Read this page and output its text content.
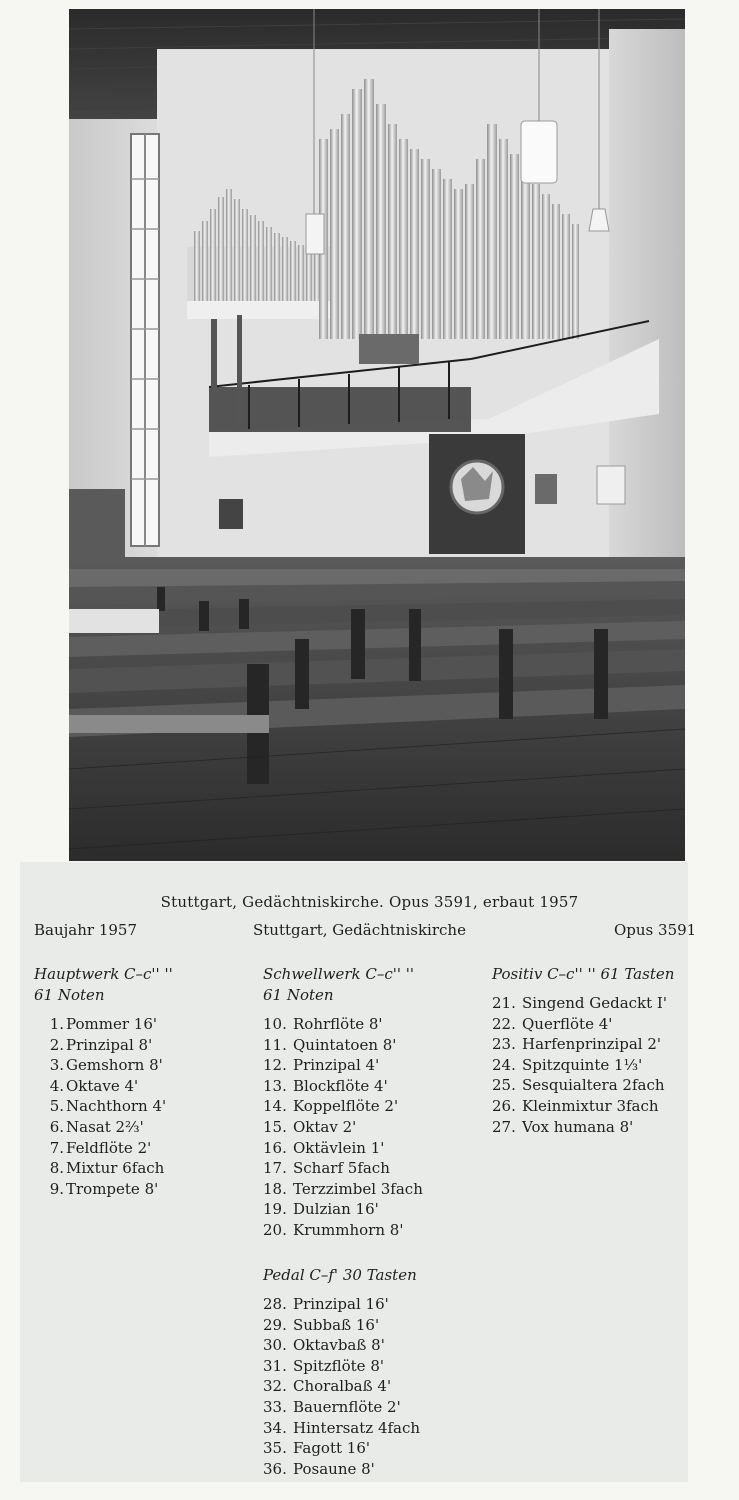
Stuttgart, Gedächtniskirche. Opus 3591, erbaut 1957
Baujahr 1957	Stuttgart, Gedächtniskirche	Opus 3591
Hauptwerk C–c'' ''
61 Noten
1. Pommer 16'
2. Prinzipal 8'
3. Gemshorn 8'
4. Oktave 4'
5. Nachthorn 4'
6. Nasat 2⅔'
7. Feldflöte 2'
8. Mixtur 6fach
9. Trompete 8'
Schwellwerk C–c'' ''
61 Noten
10. Rohrflöte 8'
11. Quintatoen 8'
12. Prinzipal 4'
13. Blockflöte 4'
14. Koppelflöte 2'
15. Oktav 2'
16. Oktävlein 1'
17. Scharf 5fach
18. Terzzimbel 3fach
19. Dulzian 16'
20. Krummhorn 8'
Positiv C–c'' '' 61 Tasten
21. Singend Gedackt I'
22. Querflöte 4'
23. Harfenprinzipal 2'
24. Spitzquinte 1⅓'
25. Sesquialtera 2fach
26. Kleinmixtur 3fach
27. Vox humana 8'
Pedal C–f' 30 Tasten
28. Prinzipal 16'
29. Subbaß 16'
30. Oktavbaß 8'
31. Spitzflöte 8'
32. Choralbaß 4'
33. Bauernflöte 2'
34. Hintersatz 4fach
35. Fagott 16'
36. Posaune 8'
